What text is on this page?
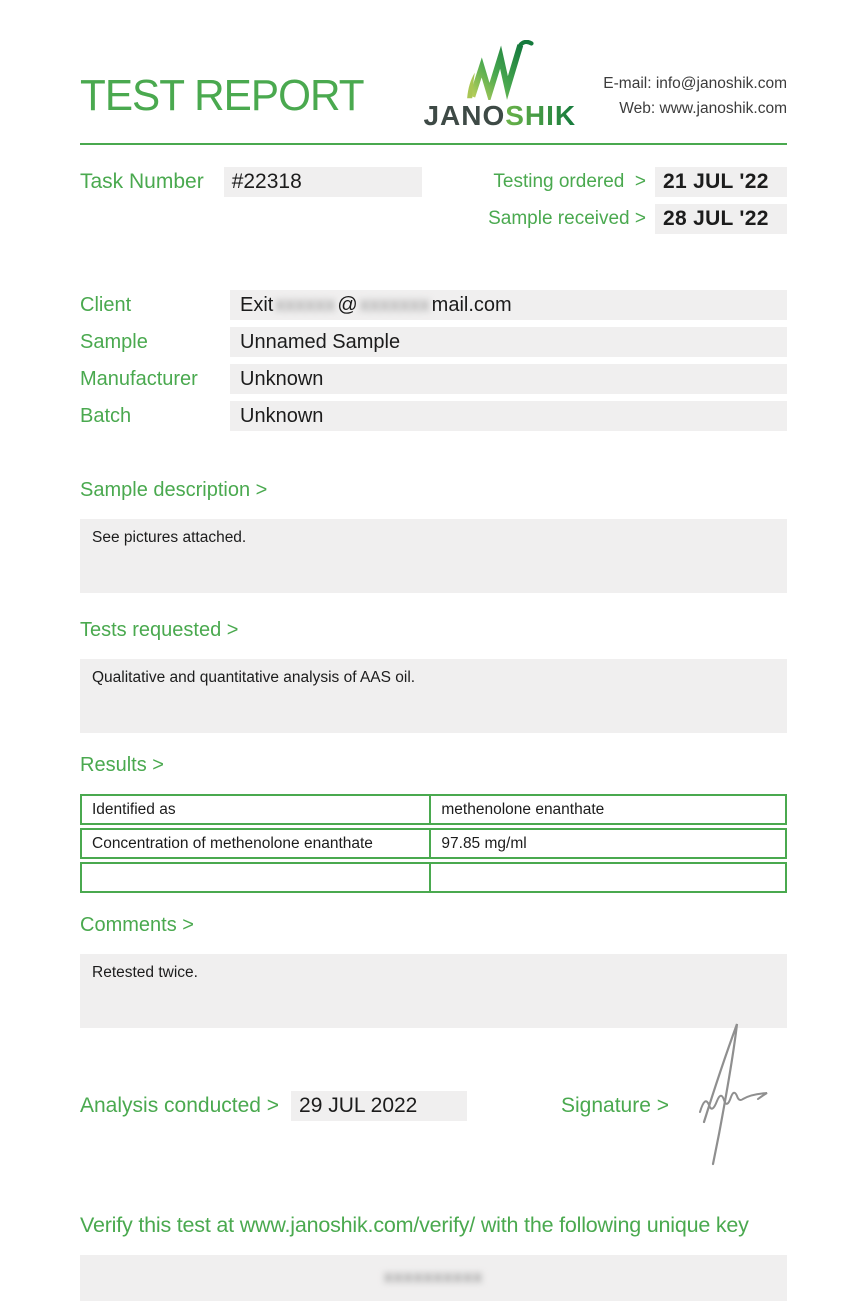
TEST REPORT JANOSHIK
E-mail: info@janoshik.com
Web: www.janoshik.com
Task Number	#22318	Testing ordered  > 21 JUL '22
Sample received > 28 JUL '22
Client	Exit xxxxxx @ xxxxxxx mail.com
Sample	Unnamed Sample
Manufacturer	Unknown
Batch	Unknown
Sample description >
See pictures attached.
Tests requested >
Qualitative and quantitative analysis of AAS oil.
Results >
Identified as	methenolone enanthate
Concentration of methenolone enanthate	97.85 mg/ml
Comments >
Retested twice.
Analysis conducted > 29 JUL 2022	Signature >
Verify this test at www.janoshik.com/verify/ with the following unique key
xxxxxxxxxx
